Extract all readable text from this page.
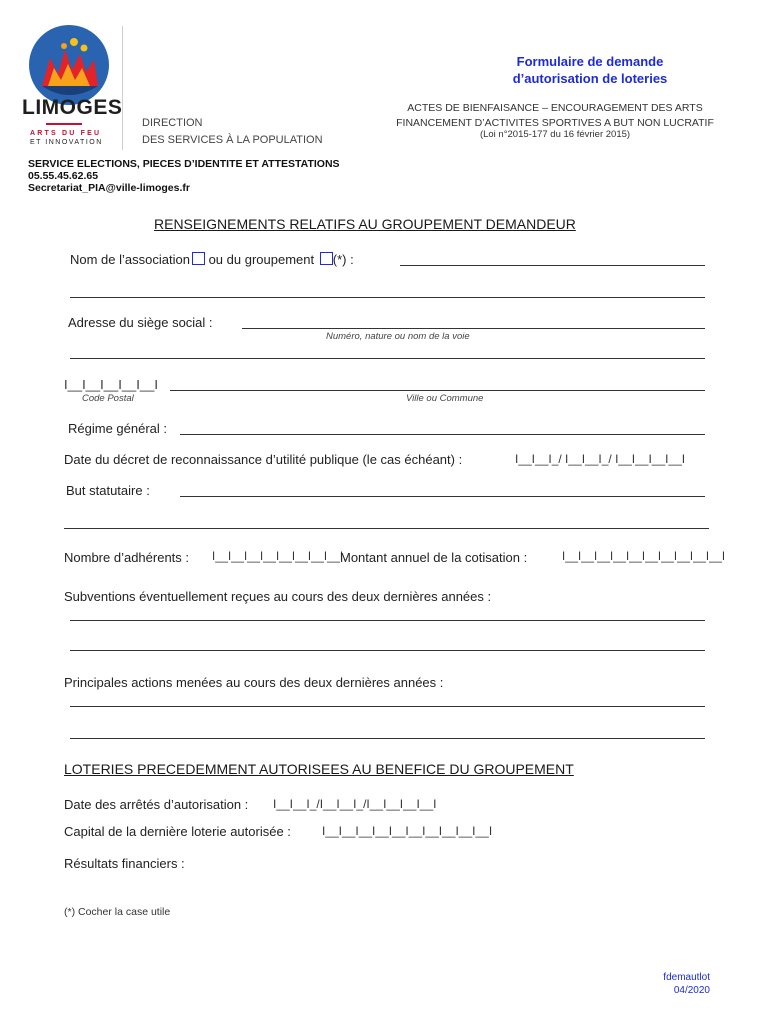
LIMOGES
ARTS DU FEU
ET INNOVATION
DIRECTION
DES SERVICES À LA POPULATION
Formulaire de demande
d’autorisation de loteries
ACTES DE BIENFAISANCE – ENCOURAGEMENT DES ARTS
FINANCEMENT D’ACTIVITES SPORTIVES A BUT NON LUCRATIF
(Loi n°2015-177 du 16 février 2015)
SERVICE ELECTIONS, PIECES D’IDENTITE ET ATTESTATIONS
05.55.45.62.65
Secretariat_PIA@ville-limoges.fr
RENSEIGNEMENTS RELATIFS AU GROUPEMENT DEMANDEUR
Nom de l’association ou du groupement (*) :
Adresse du siège social :
Numéro, nature ou nom de la voie
I__I__I__I__I__I
Code Postal	Ville ou Commune
Régime général :
Date du décret de reconnaissance d’utilité publique (le cas échéant) :	I__I__I_/ I__I__I_/ I__I__I__I__I
But statutaire :
Nombre d’adhérents : I__I__I__I__I__I__I__I__I.
Montant annuel de la cotisation :	I__I__I__I__I__I__I__I__I__I__I
Subventions éventuellement reçues au cours des deux dernières années :
Principales actions menées au cours des deux dernières années :
LOTERIES PRECEDEMMENT AUTORISEES AU BENEFICE DU GROUPEMENT
Date des arrêtés d’autorisation : I__I__I_/I__I__I_/I__I__I__I__I
Capital de la dernière loterie autorisée :	I__I__I__I__I__I__I__I__I__I__I
Résultats financiers :
(*) Cocher la case utile
fdemautlot
04/2020
